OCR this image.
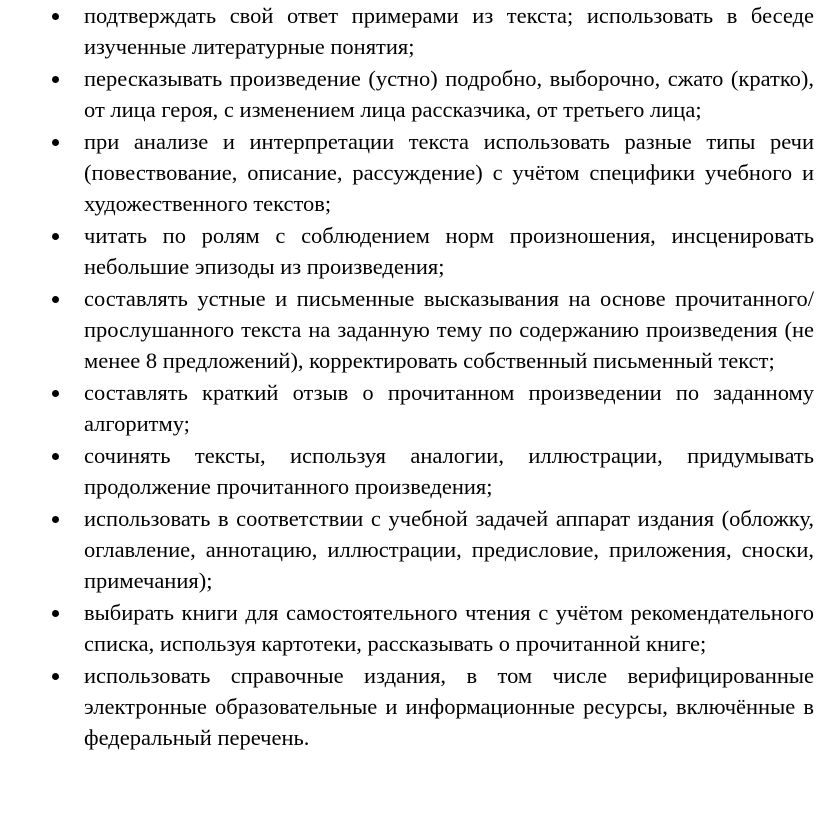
подтверждать свой ответ примерами из текста; использовать в беседе изученные литературные понятия;
пересказывать произведение (устно) подробно, выборочно, сжато (кратко), от лица героя, с изменением лица рассказчика, от третьего лица;
при анализе и интерпретации текста использовать разные типы речи (повествование, описание, рассуждение) с учётом специфики учебного и художественного текстов;
читать по ролям с соблюдением норм произношения, инсценировать небольшие эпизоды из произведения;
составлять устные и письменные высказывания на основе прочитанного/прослушанного текста на заданную тему по содержанию произведения (не менее 8 предложений), корректировать собственный письменный текст;
составлять краткий отзыв о прочитанном произведении по заданному алгоритму;
сочинять тексты, используя аналогии, иллюстрации, придумывать продолжение прочитанного произведения;
использовать в соответствии с учебной задачей аппарат издания (обложку, оглавление, аннотацию, иллюстрации, предисловие, приложения, сноски, примечания);
выбирать книги для самостоятельного чтения с учётом рекомендательного списка, используя картотеки, рассказывать о прочитанной книге;
использовать справочные издания, в том числе верифицированные электронные образовательные и информационные ресурсы, включённые в федеральный перечень.
